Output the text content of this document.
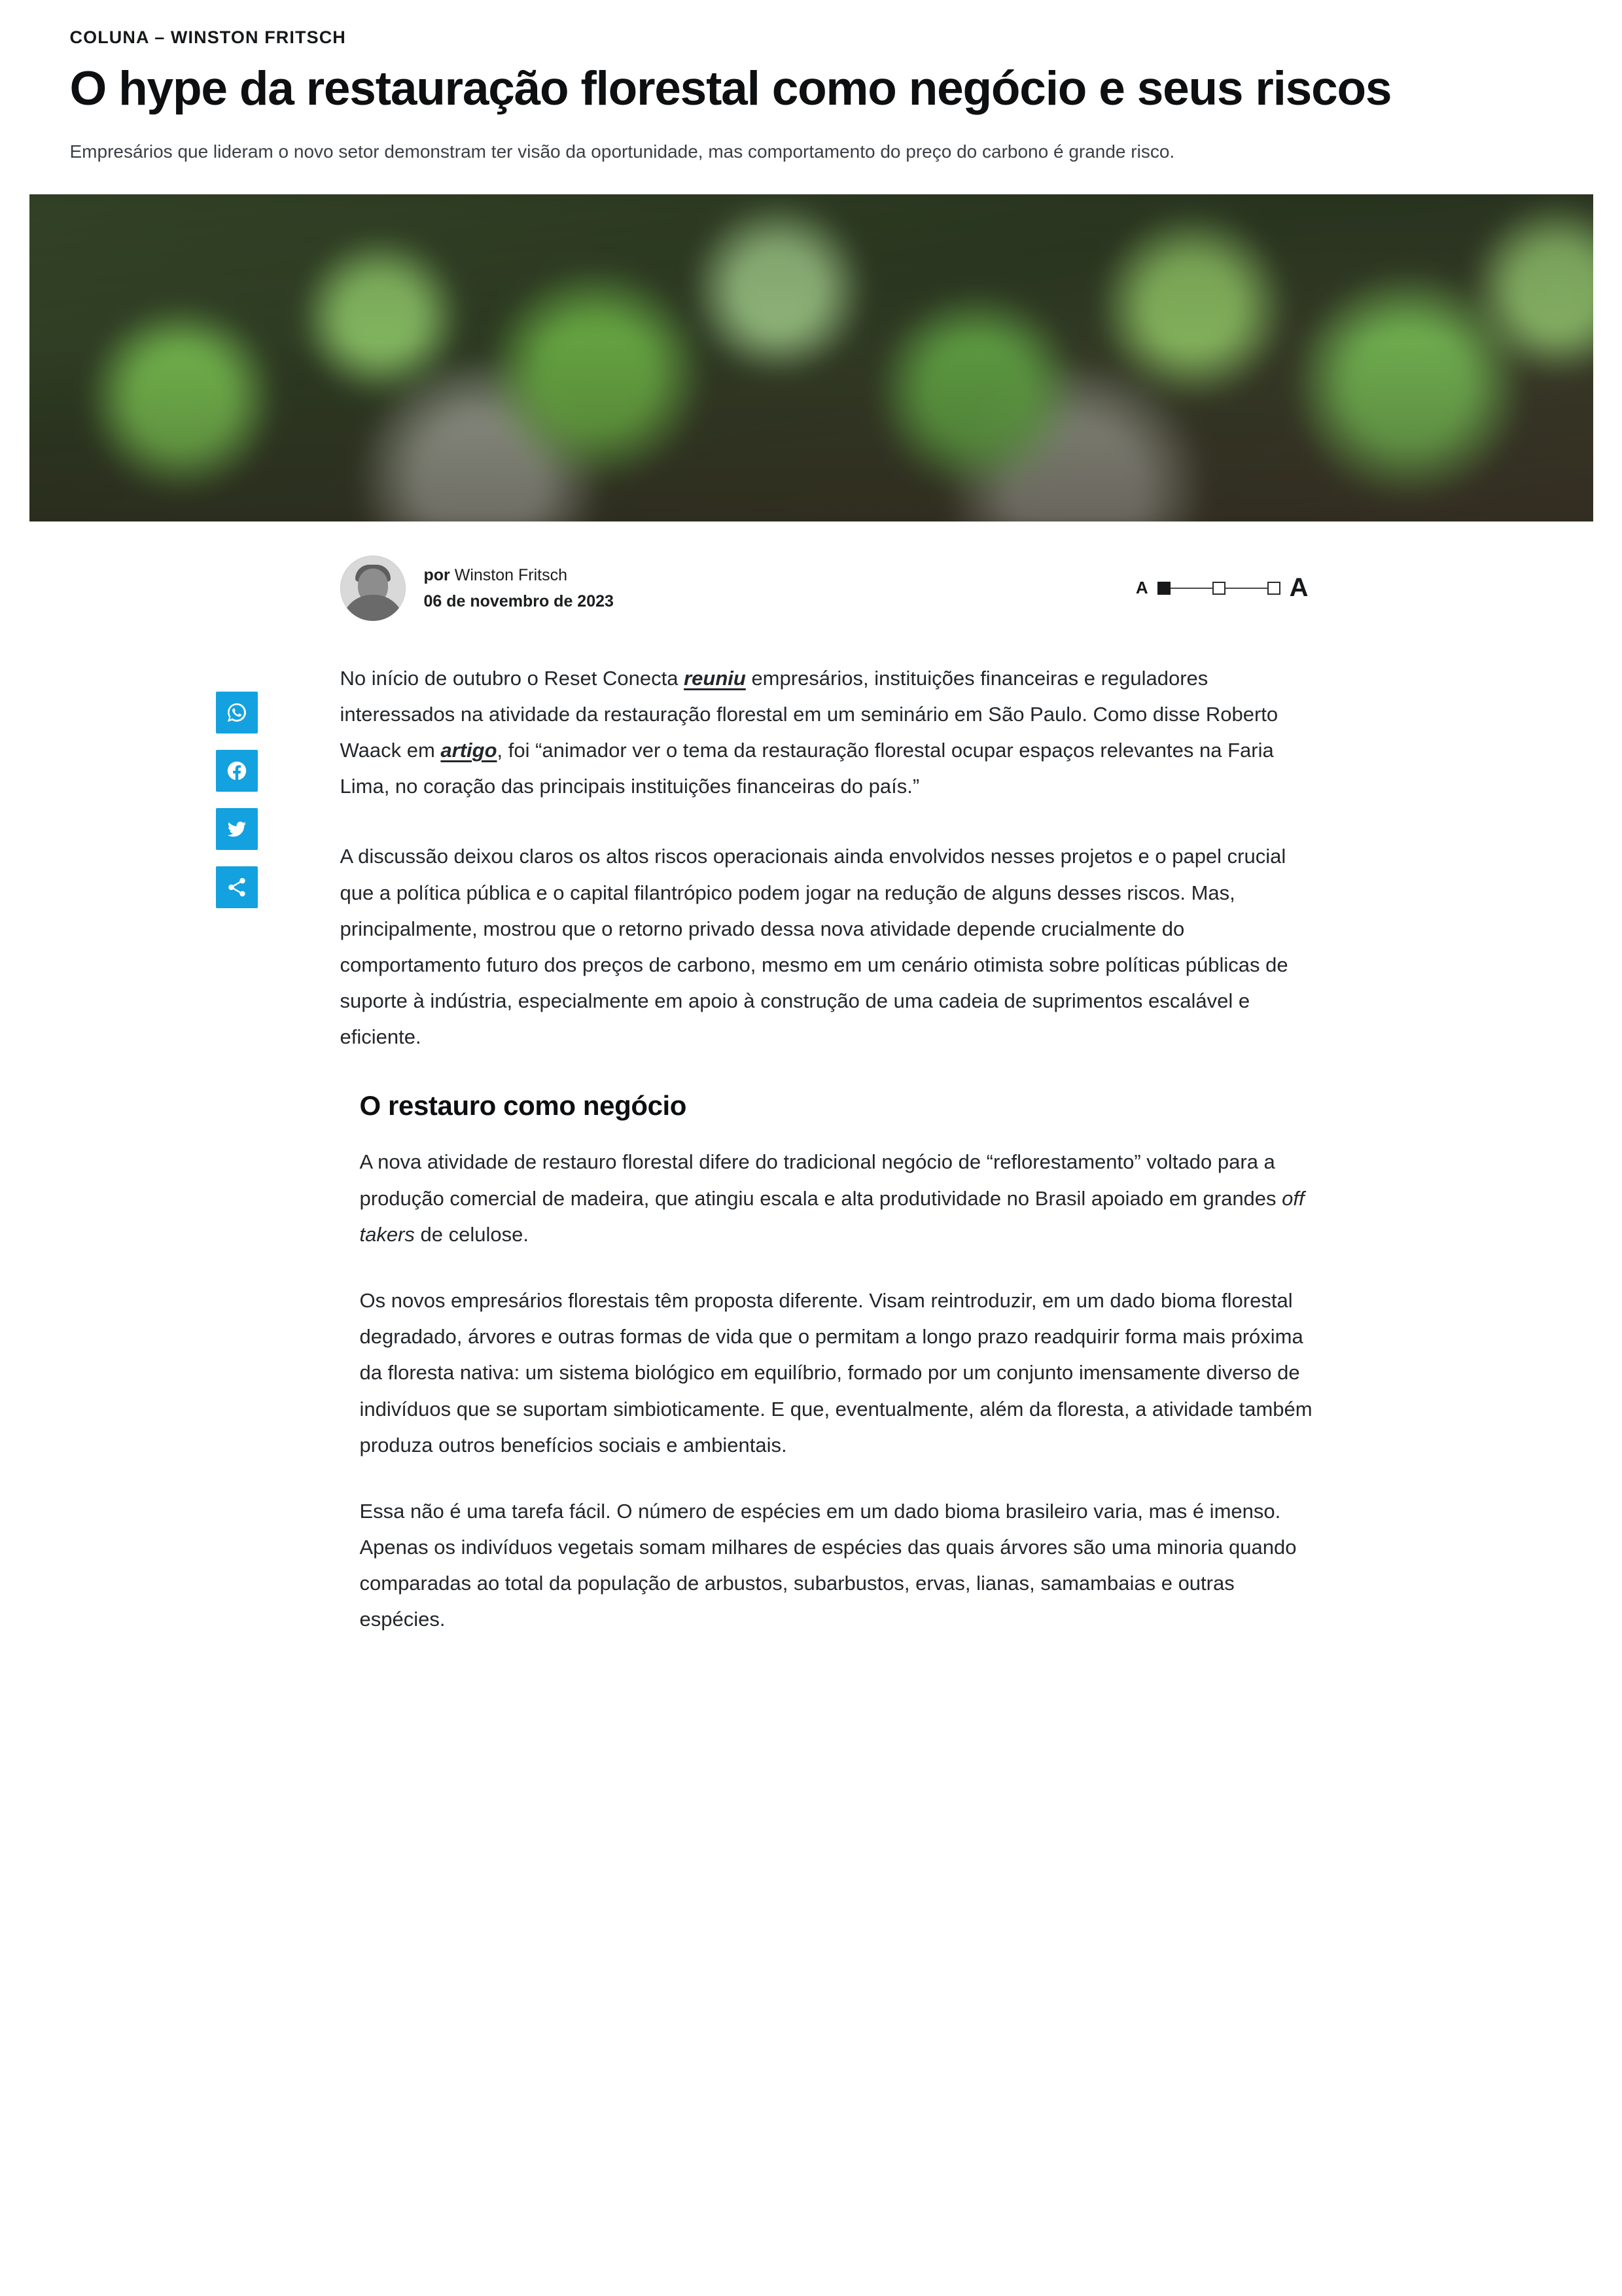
COLUNA – WINSTON FRITSCH
O hype da restauração florestal como negócio e seus riscos

Empresários que lideram o novo setor demonstram ter visão da oportunidade, mas comportamento do preço do carbono é grande risco.

por Winston Fritsch
06 de novembro de 2023
A	A

No início de outubro o Reset Conecta reuniu empresários, instituições financeiras e reguladores interessados na atividade da restauração florestal em um seminário em São Paulo. Como disse Roberto Waack em artigo, foi “animador ver o tema da restauração florestal ocupar espaços relevantes na Faria Lima, no coração das principais instituições financeiras do país.”

A discussão deixou claros os altos riscos operacionais ainda envolvidos nesses projetos e o papel crucial que a política pública e o capital filantrópico podem jogar na redução de alguns desses riscos. Mas, principalmente, mostrou que o retorno privado dessa nova atividade depende crucialmente do comportamento futuro dos preços de carbono, mesmo em um cenário otimista sobre políticas públicas de suporte à indústria, especialmente em apoio à construção de uma cadeia de suprimentos escalável e eficiente.

O restauro como negócio

A nova atividade de restauro florestal difere do tradicional negócio de “reflorestamento” voltado para a produção comercial de madeira, que atingiu escala e alta produtividade no Brasil apoiado em grandes off takers de celulose.

Os novos empresários florestais têm proposta diferente. Visam reintroduzir, em um dado bioma florestal degradado, árvores e outras formas de vida que o permitam a longo prazo readquirir forma mais próxima da floresta nativa: um sistema biológico em equilíbrio, formado por um conjunto imensamente diverso de indivíduos que se suportam simbioticamente. E que, eventualmente, além da floresta, a atividade também produza outros benefícios sociais e ambientais.

Essa não é uma tarefa fácil. O número de espécies em um dado bioma brasileiro varia, mas é imenso. Apenas os indivíduos vegetais somam milhares de espécies das quais árvores são uma minoria quando comparadas ao total da população de arbustos, subarbustos, ervas, lianas, samambaias e outras espécies.
